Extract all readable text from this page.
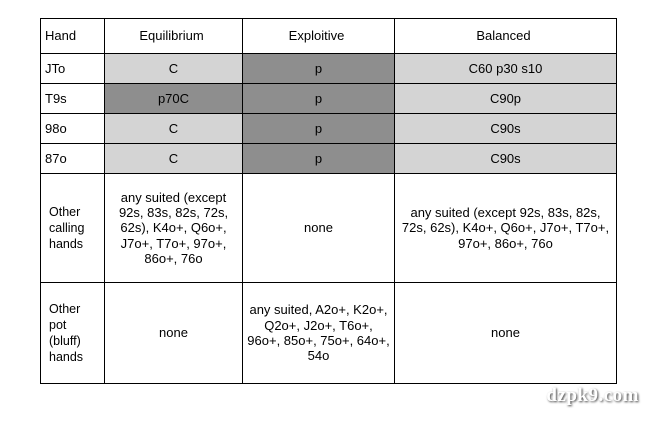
Hand	Equilibrium	Exploitive	Balanced
JTo	C	p	C60 p30 s10
T9s	p70C	p	C90p
98o	C	p	C90s
87o	C	p	C90s
Other calling hands	any suited (except 92s, 83s, 82s, 72s, 62s), K4o+, Q6o+, J7o+, T7o+, 97o+, 86o+, 76o	none	any suited (except 92s, 83s, 82s, 72s, 62s), K4o+, Q6o+, J7o+, T7o+, 97o+, 86o+, 76o
Other pot (bluff) hands	none	any suited, A2o+, K2o+, Q2o+, J2o+, T6o+, 96o+, 85o+, 75o+, 64o+, 54o	none
dzpk9.com
